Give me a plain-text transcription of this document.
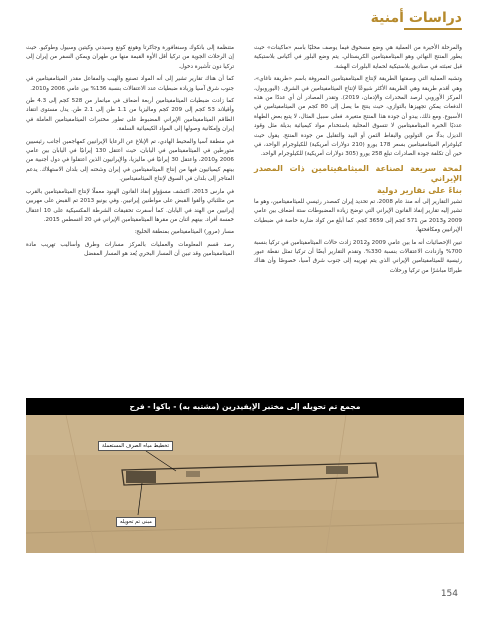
دراسات أمنية

والمرحلة الأخيرة من العملية هي وضع مسحوق فيما يوصف محليًا باسم «ماكينات» حيث يطور المنتج النهائي وهو الميثامفيتامين الكريستالي. يتم وضع البلور في أكياس بلاستيكية قبل تعبئته في صناديق بلاستيكية لحماية البلورات الهشة.

وتشبه العملية التي وصفتها الطريقة لإنتاج الميثامفيتامين المعروفة باسم «طريقة ناغاي»، وهي أقدم طريقة وهي الطريقة الأكثر شيوعًا لإنتاج الميثامفيتامين في الشرق. (اليوروبول، المركز الأوروبي لرصد المخدرات والإدمان، 2019). وتقدر المصادر أن أي عددًا من هذه الدفعات يمكن تجهيزها بالتوازي، حيث ينتج ما يصل إلى 80 كجم من الميثامفيتامين في الأسبوع. ومع ذلك، يبدو أن جودة هذا المنتج متغيرة. فعلى سبيل المثال، لا يتبع بعض الطهاة عدديًا الخبرة الميثامفيتامين لا تتسوق المحلية باستخدام مواد كيميائية بديلة مثل وقود الديزل بدلًا من التولوين والبقاط الثمن أو البيد والتقليل من جودة المنتج. يقول حيث كيلوغرام الميثامفيتامين بسعر 178 يورو (210 دولارات أمريكية) للكيلوجرام الواحد، في حين أن تكلفة جودة الصادرات تبلغ 258 يورو (305 دولارات أمريكية) للكيلوجرام الواحد.

لمحة سريعة لصناعة الميثامفيتامين ذات المصدر الإيراني
بناءً على تقارير دولية

تشير التقارير إلى أنه منذ عام 2008، تم تحديد إيران كمصدر رئيسي للميثامفيتامين، وهو ما تشير إليه تقارير إنفاذ القانون الإيراني التي توضح زيادة المضبوطات ستة أضعاف بين عامي 2009 و2013 من 571 كجم إلى 3659 كجم. كما أبلغ من كواد ضاربة خاصة في ضبطيات الإيرانيين ومكافحتها.

تبين الإحصائيات أنه ما بين عامي 2009 و2012 زادت حالات الميثامفيتامين في تركيا بنسبة 700% وازدادت الاعتقالات بنسبة 330%. وتقدم التقارير أيضًا أن تركيا تمثل نقطة عبور رئيسية للميثامفيتامين الإيراني الذي يتم تهريبه إلى جنوب شرق آسيا، خصوصًا وأن هناك طيرانًا مباشرًا من تركيا ورحلات

متنظمة إلى بانكوك وسنغافورة وجاكرتا وهونغ كونغ وسيدني وكيتين وسيول وطوكيو. حيث إن الرحلات الجوية من تركيا أقل الأوة القيمة منها من طهران ويمكن السفر من إيران إلى تركيا دون تأشيرة دخول.

كما أن هناك تقارير تشير إلى أنه المواد تصنيع والهيب والمفاعل مقدر الميثامفيتامين في جنوب شرق آسيا وزيادة ضبطيات عدد الاعتقالات بنسبة 136% بين عامي 2006 و2010.

كما زادت ضبطيات الميثامفيتامين أربعة أضعاف في ميانمار من 528 كجم إلى 4.3 طن وأقيلاند 53 كجم إلى 209 كجم وماليزيا من 1.1 طن إلى 2.1 طن. يدل مستوى انتقاد الطاقم الميثامفيتامين الإيراني المضبوط على تطور مختبرات الميثامفيتامين العاملة في إيران وإمكانية وصولها إلى المواد الكيميائية السلفة.

في منطقة آسيا والمحيط الهادي، تم الإبلاغ عن الرعايا الإيرانيين كمهاجمين أجانب رئيسيين متورطين في الميثامفيتامين في اليابان، حيث اعتقل 130 إيرانيًا في اليابان بين عامي 2006 و2010، واعتقل 30 إيرانيًا في ماليزيا، والإيرانيون الذين اعتقلوا في دول أجنبية من بينهم كيميائيون فيها من إنتاج الميثامفيتامين في إيران وشحنه إلى بلدان الاستهلاك. يدعم المتاجر إلى بلدان في السوق لإنتاج الميثامفيتامين.

في مارس 2013، اكتشف مسؤولو إنفاذ القانون الهنود معملًا لإنتاج الميثامفيتامين بالقرب من مثلثبائي وألقوا القبض على مواطنين إيرانيين. وفي يونيو 2013 تم القبض على مهربين إيرانيين من الهند في اليابان. كما أسفرت تحقيقات الشرطة المكسيكية على 10 اعتقال خمسة أفراد. بينهم اثنان من مقرها الميثامفيتامين الإيراني في 20 أغسطس 2015.

مسار (مرور) الميثامفيتامين بمنطقة الخليج:

رصد قسم المعلومات والعمليات بالمركز مسارات وطرق وأساليب تهريب مادة الميثامفيتامين وقد تبين أن المسار البحري يُعد هو المسار المفضل

مجمع تم تحويله إلى مختبر الإيفيدرين (مشتبه به) - باكوا - فرح
تخطيط مياه الصرف المستعملة
مبنى تم تحويله
154
